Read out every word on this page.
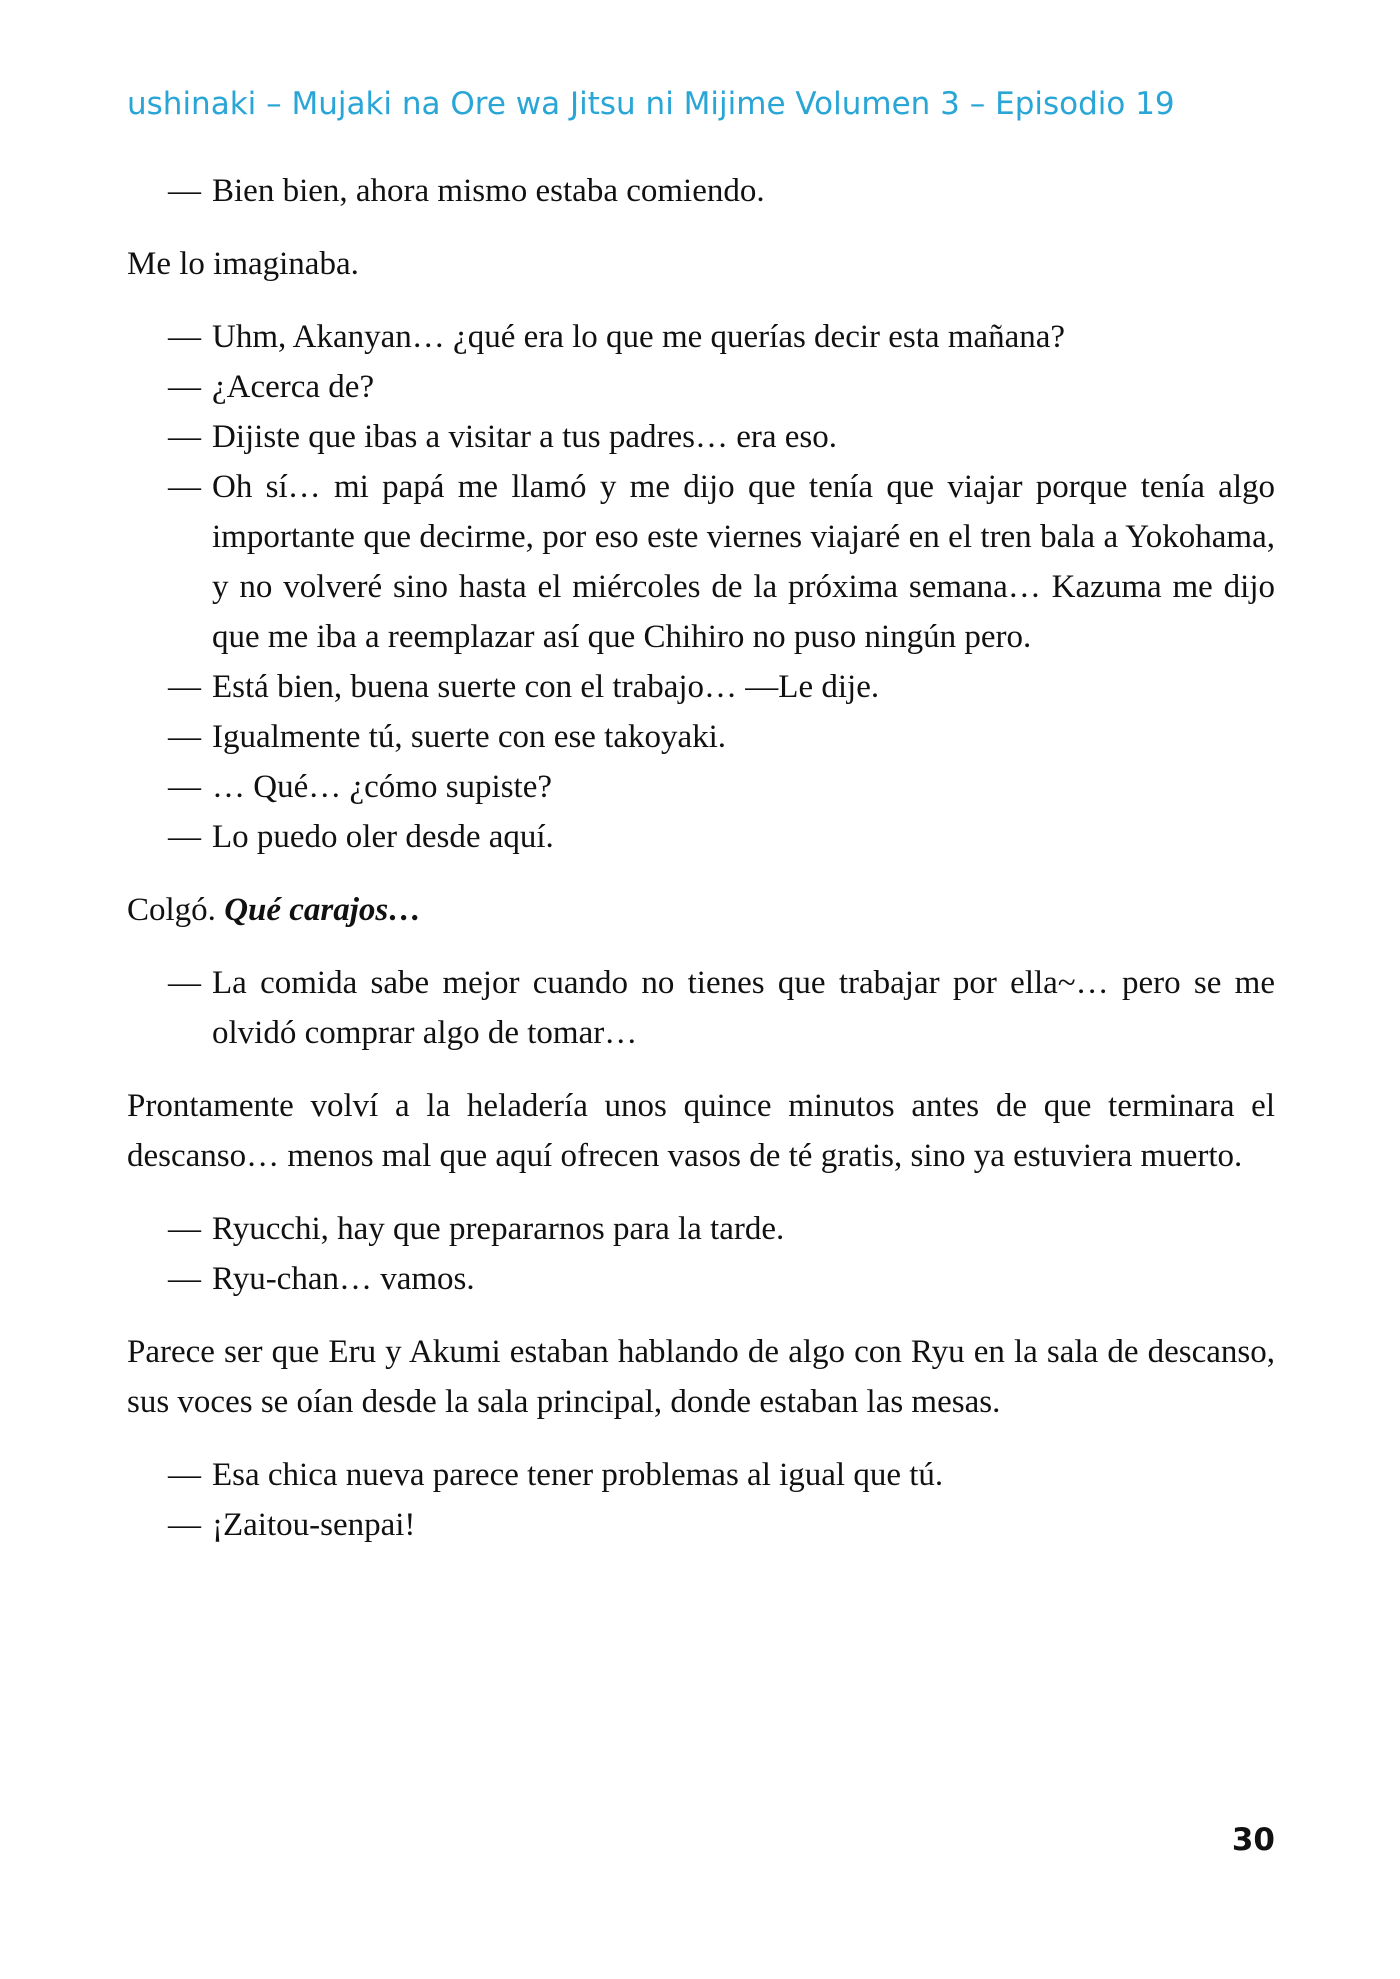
ushinaki – Mujaki na Ore wa Jitsu ni Mijime Volumen 3 – Episodio 19
— Bien bien, ahora mismo estaba comiendo.
Me lo imaginaba.
— Uhm, Akanyan… ¿qué era lo que me querías decir esta mañana?
— ¿Acerca de?
— Dijiste que ibas a visitar a tus padres… era eso.
— Oh sí… mi papá me llamó y me dijo que tenía que viajar porque tenía algo importante que decirme, por eso este viernes viajaré en el tren bala a Yokohama, y no volveré sino hasta el miércoles de la próxima semana… Kazuma me dijo que me iba a reemplazar así que Chihiro no puso ningún pero.
— Está bien, buena suerte con el trabajo… —Le dije.
— Igualmente tú, suerte con ese takoyaki.
— … Qué… ¿cómo supiste?
— Lo puedo oler desde aquí.
Colgó. Qué carajos…
— La comida sabe mejor cuando no tienes que trabajar por ella~… pero se me olvidó comprar algo de tomar…
Prontamente volví a la heladería unos quince minutos antes de que terminara el descanso… menos mal que aquí ofrecen vasos de té gratis, sino ya estuviera muerto.
— Ryucchi, hay que prepararnos para la tarde.
— Ryu-chan… vamos.
Parece ser que Eru y Akumi estaban hablando de algo con Ryu en la sala de descanso, sus voces se oían desde la sala principal, donde estaban las mesas.
— Esa chica nueva parece tener problemas al igual que tú.
— ¡Zaitou-senpai!
30
